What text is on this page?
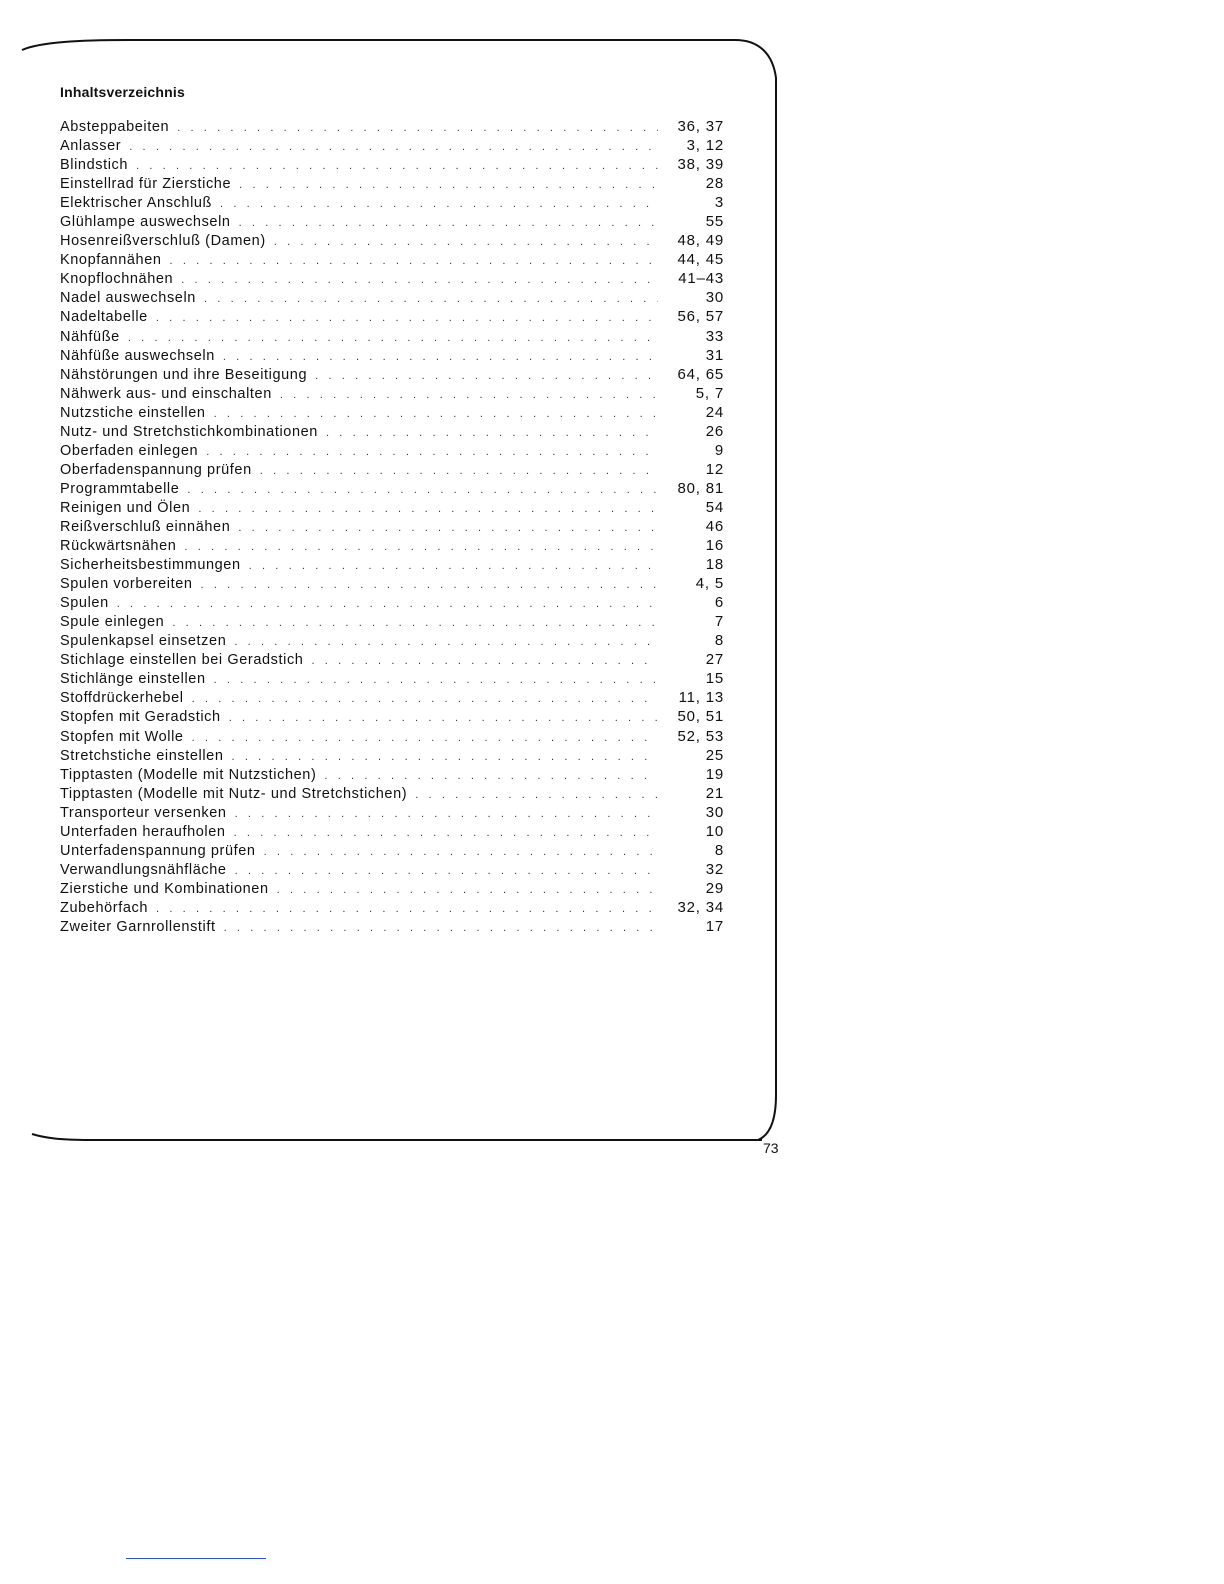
Inhaltsverzeichnis
Absteppabeiten . . .	36, 37
Anlasser . . .	3, 12
Blindstich . . .	38, 39
Einstellrad für Zierstiche . . .	28
Elektrischer Anschluß . . .	3
Glühlampe auswechseln . . .	55
Hosenreißverschluß (Damen) . . .	48, 49
Knopfannähen . . .	44, 45
Knopflochnähen . . .	41–43
Nadel auswechseln . . .	30
Nadeltabelle . . .	56, 57
Nähfüße . . .	33
Nähfüße auswechseln . . .	31
Nähstörungen und ihre Beseitigung . . .	64, 65
Nähwerk aus- und einschalten . . .	5, 7
Nutzstiche einstellen . . .	24
Nutz- und Stretchstichkombinationen . . .	26
Oberfaden einlegen . . .	9
Oberfadenspannung prüfen . . .	12
Programmtabelle . . .	80, 81
Reinigen und Ölen . . .	54
Reißverschluß einnähen . . .	46
Rückwärtsnähen . . .	16
Sicherheitsbestimmungen . . .	18
Spulen vorbereiten . . .	4, 5
Spulen . . .	6
Spule einlegen . . .	7
Spulenkapsel einsetzen . . .	8
Stichlage einstellen bei Geradstich . . .	27
Stichlänge einstellen . . .	15
Stoffdrückerhebel . . .	11, 13
Stopfen mit Geradstich . . .	50, 51
Stopfen mit Wolle . . .	52, 53
Stretchstiche einstellen . . .	25
Tipptasten (Modelle mit Nutzstichen) . . .	19
Tipptasten (Modelle mit Nutz- und Stretchstichen) . . .	21
Transporteur versenken . . .	30
Unterfaden heraufholen . . .	10
Unterfadenspannung prüfen . . .	8
Verwandlungsnähfläche . . .	32
Zierstiche und Kombinationen . . .	29
Zubehörfach . . .	32, 34
Zweiter Garnrollenstift . . .	17
73
